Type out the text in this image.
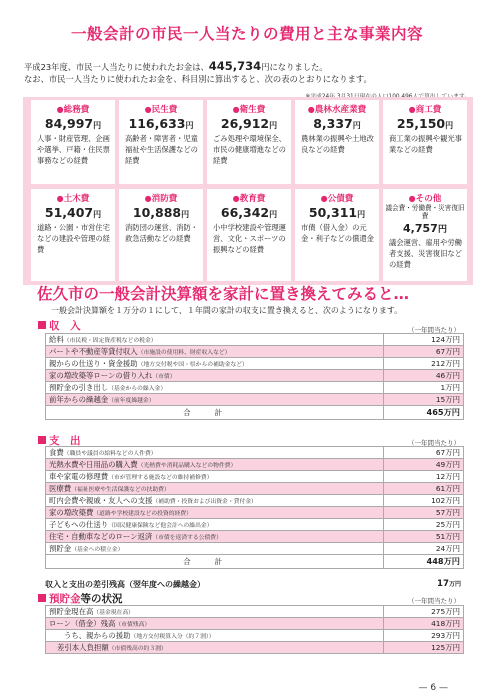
一般会計の市民一人当たりの費用と主な事業内容
平成23年度、市民一人当たりに使われたお金は、445,734円になりました。
なお、市民一人当たりに使われたお金を、科目別に算出すると、次の表のとおりになります。
●総務費
84,997円
人事・財産管理、企画や選挙、戸籍・住民票事務などの経費
●民生費
116,633円
高齢者・障害者・児童福祉や生活保護などの経費
●衛生費
26,912円
ごみ処理や環境保全、市民の健康増進などの経費
●農林水産業費
8,337円
農林業の振興や土地改良などの経費
●商工費
25,150円
商工業の振興や観光事業などの経費
●土木費
51,407円
道路・公園・市営住宅などの建設や管理の経費
●消防費
10,888円
消防団の運営、消防・救急活動などの経費
●教育費
66,342円
小中学校建設や管理運営、文化・スポーツの振興などの経費
●公債費
50,311円
市債（借入金）の元金・利子などの償還金
●その他
議会費・労働費・災害復旧費
4,757円
議会運営、雇用や労働者支援、災害復旧などの経費
佐久市の一般会計決算額を家計に置き換えてみると…
一般会計決算額を１万分の１にして、１年間の家計の収支に置き換えると、次のようになります。
収　入	（一年間当たり）
給料（市民税・固定資産税などの税金）	124万円
パートや不動産等貸付収入（市施設の使用料、財産収入など）	67万円
親からの仕送り・資金援助（地方交付税や国・県からの補助金など）	212万円
家の増改築等ローンの借り入れ（市債）	46万円
預貯金の引き出し（基金からの繰入金）	1万円
前年からの繰越金（前年度繰越金）	15万円
合計	465万円
支　出	（一年間当たり）
食費（職員や議員の給料などの人件費）	67万円
光熱水費や日用品の購入費（光熱費や消耗品購入などの物件費）	49万円
車や家電の修理費（市が管理する施設などの維持補修費）	12万円
医療費（福祉医療や生活保護などの扶助費）	61万円
町内会費や親戚・友人への支援（補助費・投資および出資金・貸付金）	102万円
家の増改築費（道路や学校建設などの投資的経費）	57万円
子どもへの仕送り（国民健康保険など他会計への繰出金）	25万円
住宅・自動車などのローン返済（市債を返済する公債費）	51万円
預貯金（基金への積立金）	24万円
合計	448万円
収入と支出の差引残高（翌年度への繰越金）	17万円
預貯金等の状況	（一年間当たり）
預貯金現在高（基金現在高）	275万円
ローン（借金）残高（市債残高）	418万円
うち、親からの援助（地方交付税算入分（約７割））	293万円
差引本人負担額（市債残高の約３割）	125万円
— 6 —
